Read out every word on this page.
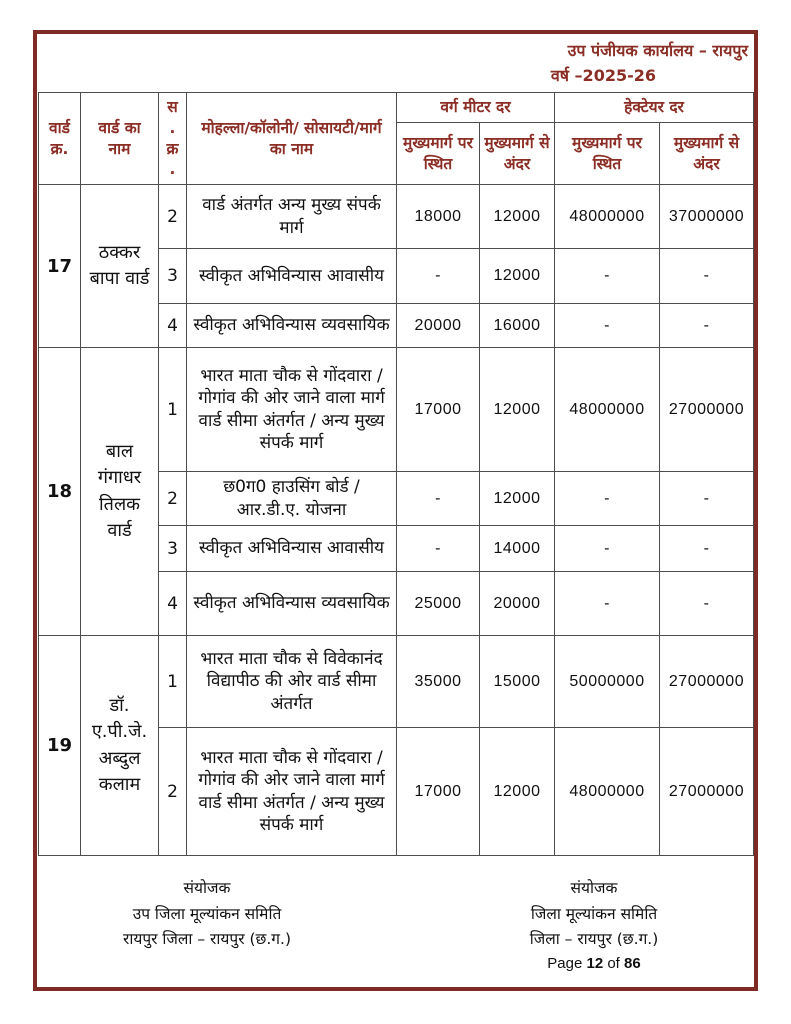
उप पंजीयक कार्यालय – रायपुर
वर्ष –2025-26
वार्ड क्र.	वार्ड का नाम	स . क्र .	मोहल्ला/कॉलोनी/ सोसायटी/मार्ग का नाम	वर्ग मीटर दर		हेक्टेयर दर	
				मुख्यमार्ग पर स्थित	मुख्यमार्ग से अंदर	मुख्यमार्ग पर स्थित	मुख्यमार्ग से अंदर
17	ठक्कर बापा वार्ड	2	वार्ड अंतर्गत अन्य मुख्य संपर्क मार्ग	18000	12000	48000000	37000000
		3	स्वीकृत अभिविन्यास आवासीय	-	12000	-	-
		4	स्वीकृत अभिविन्यास व्यवसायिक	20000	16000	-	-
18	बाल गंगाधर तिलक वार्ड	1	भारत माता चौक से गोंदवारा / गोगांव की ओर जाने वाला मार्ग वार्ड सीमा अंतर्गत / अन्य मुख्य संपर्क मार्ग	17000	12000	48000000	27000000
		2	छ0ग0 हाउसिंग बोर्ड / आर.डी.ए. योजना	-	12000	-	-
		3	स्वीकृत अभिविन्यास आवासीय	-	14000	-	-
		4	स्वीकृत अभिविन्यास व्यवसायिक	25000	20000	-	-
19	डॉ. ए.पी.जे. अब्दुल कलाम	1	भारत माता चौक से विवेकानंद विद्यापीठ की ओर वार्ड सीमा अंतर्गत	35000	15000	50000000	27000000
		2	भारत माता चौक से गोंदवारा / गोगांव की ओर जाने वाला मार्ग वार्ड सीमा अंतर्गत / अन्य मुख्य संपर्क मार्ग	17000	12000	48000000	27000000
संयोजक
उप जिला मूल्यांकन समिति
रायपुर जिला – रायपुर (छ.ग.)
संयोजक
जिला मूल्यांकन समिति
जिला – रायपुर (छ.ग.)
Page 12 of 86
